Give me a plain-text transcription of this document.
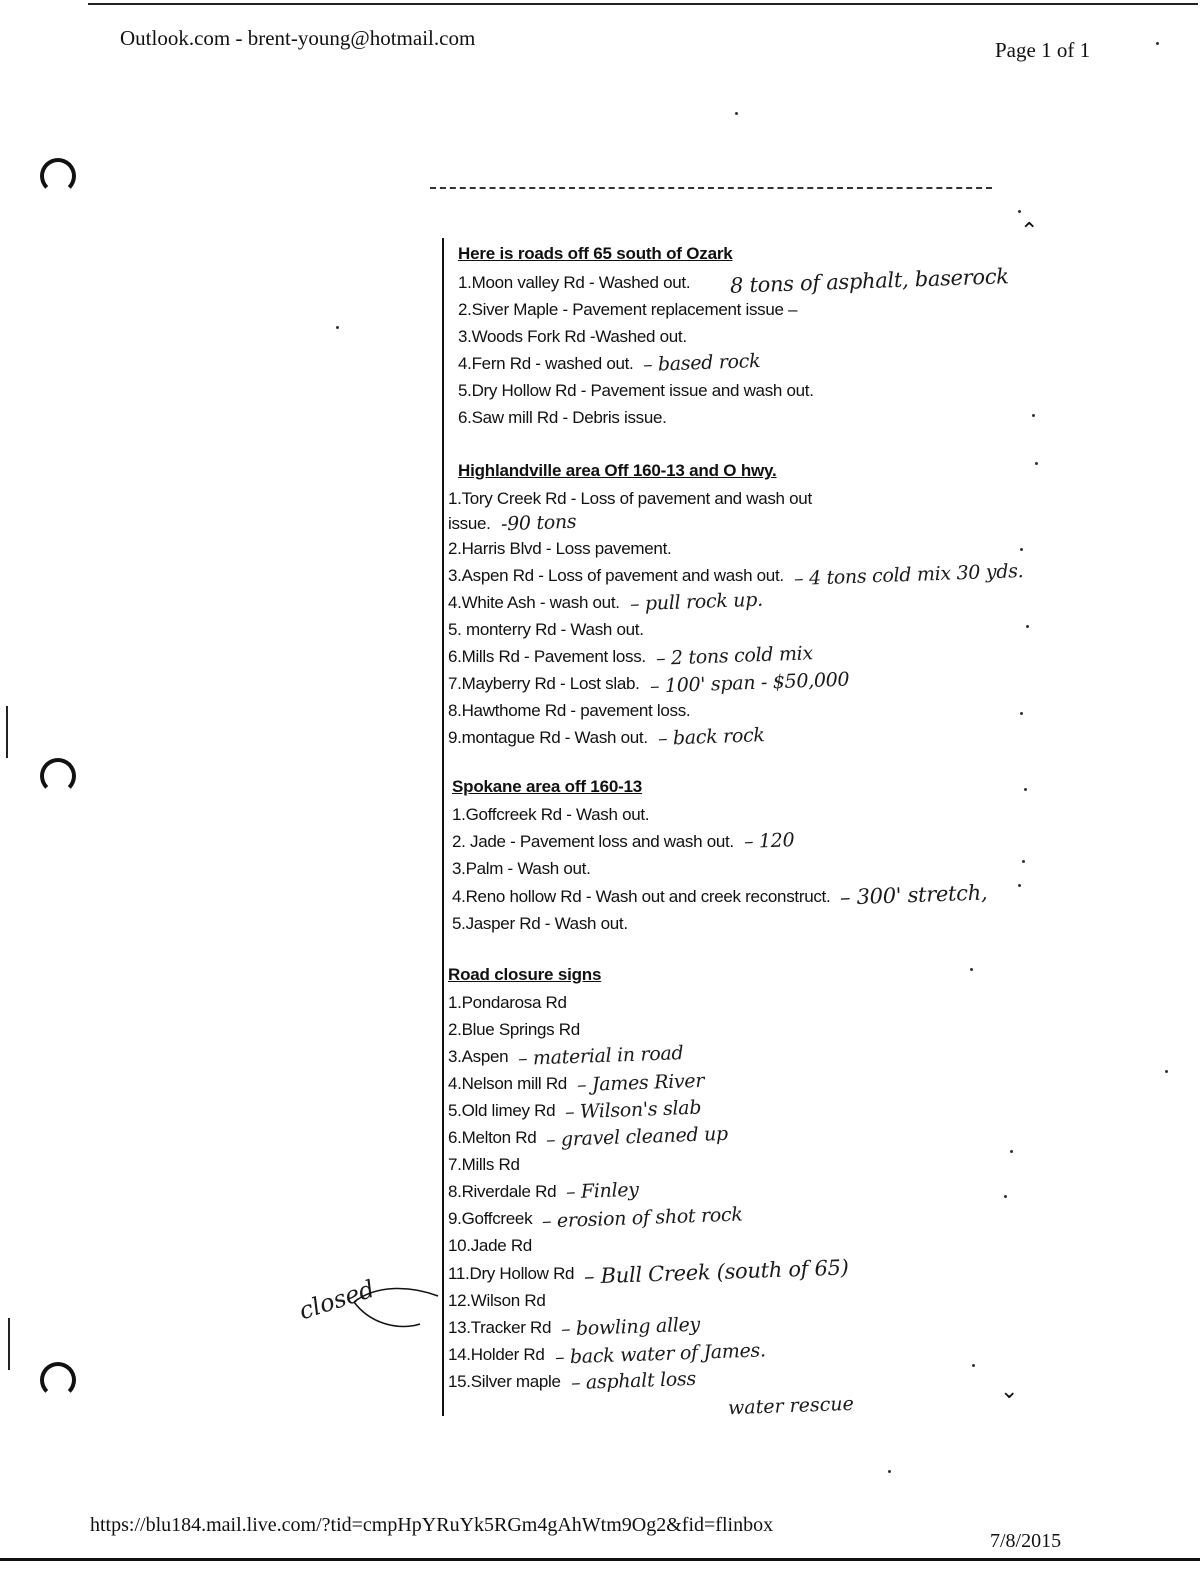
Outlook.com - brent-young@hotmail.com	Page 1 of 1
⌃
⌄
Here is roads off 65 south of Ozark
1.Moon valley Rd - Washed out. 8 tons of asphalt, baserock
2.Siver Maple - Pavement replacement issue –
3.Woods Fork Rd -Washed out.
4.Fern Rd - washed out. – based rock
5.Dry Hollow Rd - Pavement issue and wash out.
6.Saw mill Rd - Debris issue.
Highlandville area Off 160-13 and O hwy.
1.Tory Creek Rd - Loss of pavement and wash out
issue. -90 tons
2.Harris Blvd - Loss pavement.
3.Aspen Rd - Loss of pavement and wash out. – 4 tons cold mix 30 yds.
4.White Ash - wash out. – pull rock up.
5. monterry Rd - Wash out.
6.Mills Rd - Pavement loss. – 2 tons cold mix
7.Mayberry Rd - Lost slab. – 100' span - $50,000
8.Hawthome Rd - pavement loss.
9.montague Rd - Wash out. – back rock
Spokane area off 160-13
1.Goffcreek Rd - Wash out.
2. Jade - Pavement loss and wash out. – 120
3.Palm - Wash out.
4.Reno hollow Rd - Wash out and creek reconstruct. – 300' stretch,
5.Jasper Rd - Wash out.
Road closure signs
1.Pondarosa Rd
2.Blue Springs Rd
3.Aspen – material in road
4.Nelson mill Rd – James River
5.Old limey Rd – Wilson's slab
6.Melton Rd – gravel cleaned up
7.Mills Rd
8.Riverdale Rd – Finley
9.Goffcreek – erosion of shot rock
10.Jade Rd
11.Dry Hollow Rd – Bull Creek (south of 65)
12.Wilson Rd
13.Tracker Rd – bowling alley
14.Holder Rd – back water of James.
15.Silver maple – asphalt loss
water rescue
closed
https://blu184.mail.live.com/?tid=cmpHpYRuYk5RGm4gAhWtm9Og2&fid=flinbox
7/8/2015
